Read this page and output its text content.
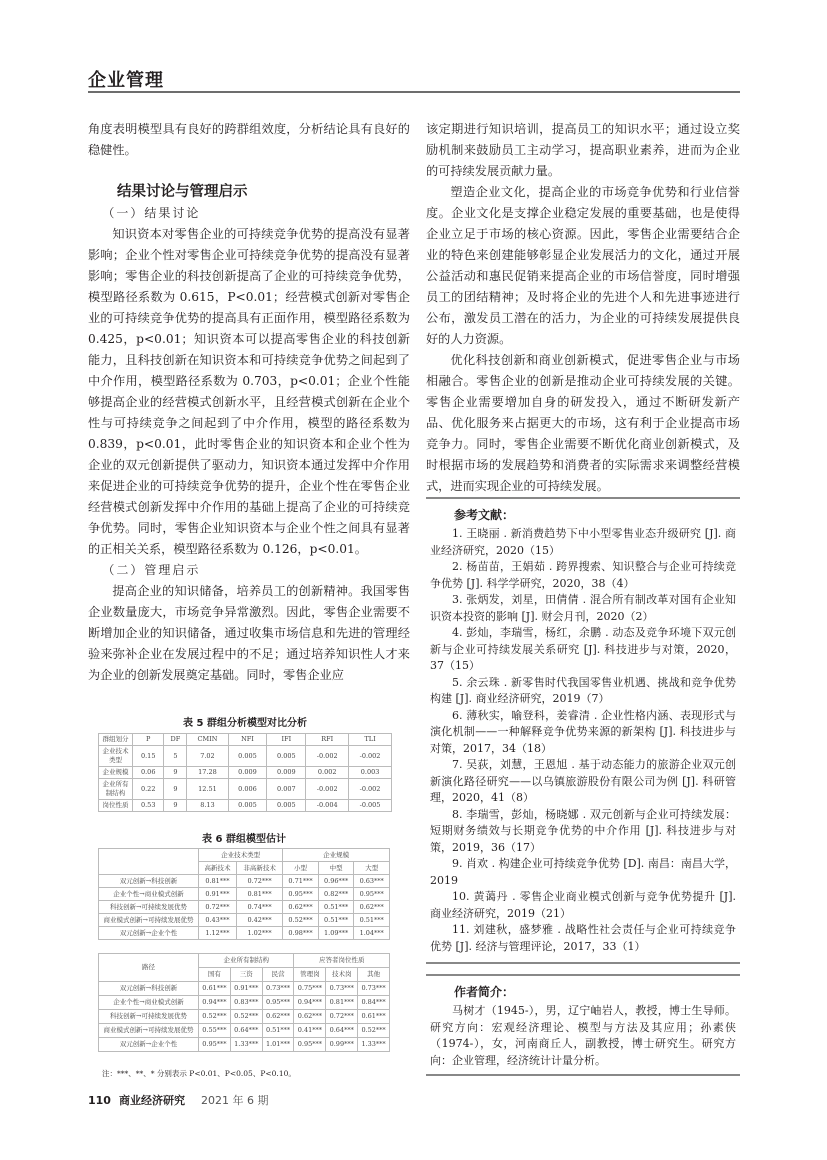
企业管理

角度表明模型具有良好的跨群组效度，分析结论具有良好的稳健性。

结果讨论与管理启示
（一）结果讨论

知识资本对零售企业的可持续竞争优势的提高没有显著影响；企业个性对零售企业可持续竞争优势的提高没有显著影响；零售企业的科技创新提高了企业的可持续竞争优势，模型路径系数为 0.615，P<0.01；经营模式创新对零售企业的可持续竞争优势的提高具有正面作用，模型路径系数为 0.425，p<0.01；知识资本可以提高零售企业的科技创新能力，且科技创新在知识资本和可持续竞争优势之间起到了中介作用，模型路径系数为 0.703，p<0.01；企业个性能够提高企业的经营模式创新水平，且经营模式创新在企业个性与可持续竞争之间起到了中介作用，模型的路径系数为 0.839，p<0.01，此时零售企业的知识资本和企业个性为企业的双元创新提供了驱动力，知识资本通过发挥中介作用来促进企业的可持续竞争优势的提升，企业个性在零售企业经营模式创新发挥中介作用的基础上提高了企业的可持续竞争优势。同时，零售企业知识资本与企业个性之间具有显著的正相关关系，模型路径系数为 0.126，p<0.01。

（二）管理启示

提高企业的知识储备，培养员工的创新精神。我国零售企业数量庞大，市场竞争异常激烈。因此，零售企业需要不断增加企业的知识储备，通过收集市场信息和先进的管理经验来弥补企业在发展过程中的不足；通过培养知识性人才来为企业的创新发展奠定基础。同时，零售企业应

表 5 群组分析模型对比分析
群组划分	P	DF	CMIN	NFI	IFI	RFI	TLI
企业技术类型	0.15	5	7.02	0.005	0.005	-0.002	-0.002
企业规模	0.06	9	17.28	0.009	0.009	0.002	0.003
企业所有制结构	0.22	9	12.51	0.006	0.007	-0.002	-0.002
岗位性质	0.53	9	8.13	0.005	0.005	-0.004	-0.005
表 6 群组模型估计
	企业技术类型		企业规模		
	高新技术	非高新技术	小型	中型	大型
双元创新→科技创新	0.81***	0.72***	0.71***	0.96***	0.63***
企业个性→商业模式创新	0.91***	0.81***	0.95***	0.82***	0.95***
科技创新→可持续发展优势	0.72***	0.74***	0.62***	0.51***	0.62***
商业模式创新→可持续发展优势	0.43***	0.42***	0.52***	0.51***	0.51***
双元创新→企业个性	1.12***	1.02***	0.98***	1.09***	1.04***
路径	企业所有制结构			应答者岗位性质		
	国有	三资	民营	管理岗	技术岗	其他
双元创新→科技创新	0.61***	0.91***	0.73***	0.75***	0.73***	0.73***
企业个性→商业模式创新	0.94***	0.83***	0.95***	0.94***	0.81***	0.84***
科技创新→可持续发展优势	0.52***	0.52***	0.62***	0.62***	0.72***	0.61***
商业模式创新→可持续发展优势	0.55***	0.64***	0.51***	0.41***	0.64***	0.52***
双元创新→企业个性	0.95***	1.33***	1.01***	0.95***	0.99***	1.33***
注：***、**、* 分别表示 P<0.01、P<0.05、P<0.10。

该定期进行知识培训，提高员工的知识水平；通过设立奖励机制来鼓励员工主动学习，提高职业素养，进而为企业的可持续发展贡献力量。

塑造企业文化，提高企业的市场竞争优势和行业信誉度。企业文化是支撑企业稳定发展的重要基础，也是使得企业立足于市场的核心资源。因此，零售企业需要结合企业的特色来创建能够彰显企业发展活力的文化，通过开展公益活动和惠民促销来提高企业的市场信誉度，同时增强员工的团结精神；及时将企业的先进个人和先进事迹进行公布，激发员工潜在的活力，为企业的可持续发展提供良好的人力资源。

优化科技创新和商业创新模式，促进零售企业与市场相融合。零售企业的创新是推动企业可持续发展的关键。零售企业需要增加自身的研发投入，通过不断研发新产品、优化服务来占据更大的市场，这有利于企业提高市场竞争力。同时，零售企业需要不断优化商业创新模式，及时根据市场的发展趋势和消费者的实际需求来调整经营模式，进而实现企业的可持续发展。

参考文献：

1. 王晓丽 . 新消费趋势下中小型零售业态升级研究 [J]. 商业经济研究，2020（15）

2. 杨苗苗，王娟茹 . 跨界搜索、知识整合与企业可持续竞争优势 [J]. 科学学研究，2020，38（4）

3. 张炳发，刘星，田倩倩 . 混合所有制改革对国有企业知识资本投资的影响 [J]. 财会月刊，2020（2）

4. 彭灿，李瑞雪，杨红，余鹏 . 动态及竞争环境下双元创新与企业可持续发展关系研究 [J]. 科技进步与对策，2020，37（15）

5. 余云珠 . 新零售时代我国零售业机遇、挑战和竞争优势构建 [J]. 商业经济研究，2019（7）

6. 薄秋实，喻登科，姜睿清 . 企业性格内涵、表现形式与演化机制——一种解释竞争优势来源的新架构 [J]. 科技进步与对策，2017，34（18）

7. 吴荻，刘慧，王恩旭 . 基于动态能力的旅游企业双元创新演化路径研究——以乌镇旅游股份有限公司为例 [J]. 科研管理，2020，41（8）

8. 李瑞雪，彭灿，杨晓娜 . 双元创新与企业可持续发展：短期财务绩效与长期竞争优势的中介作用 [J]. 科技进步与对策，2019，36（17）

9. 肖欢 . 构建企业可持续竞争优势 [D]. 南昌：南昌大学，2019

10. 黄蔼丹 . 零售企业商业模式创新与竞争优势提升 [J]. 商业经济研究，2019（21）

11. 刘建秋，盛梦雅 . 战略性社会责任与企业可持续竞争优势 [J]. 经济与管理评论，2017，33（1）

作者简介：

马树才（1945-），男，辽宁岫岩人，教授，博士生导师。研究方向：宏观经济理论、模型与方法及其应用；孙素侠（1974-），女，河南商丘人，副教授，博士研究生。研究方向：企业管理，经济统计计量分析。

110 商业经济研究 2021 年 6 期
